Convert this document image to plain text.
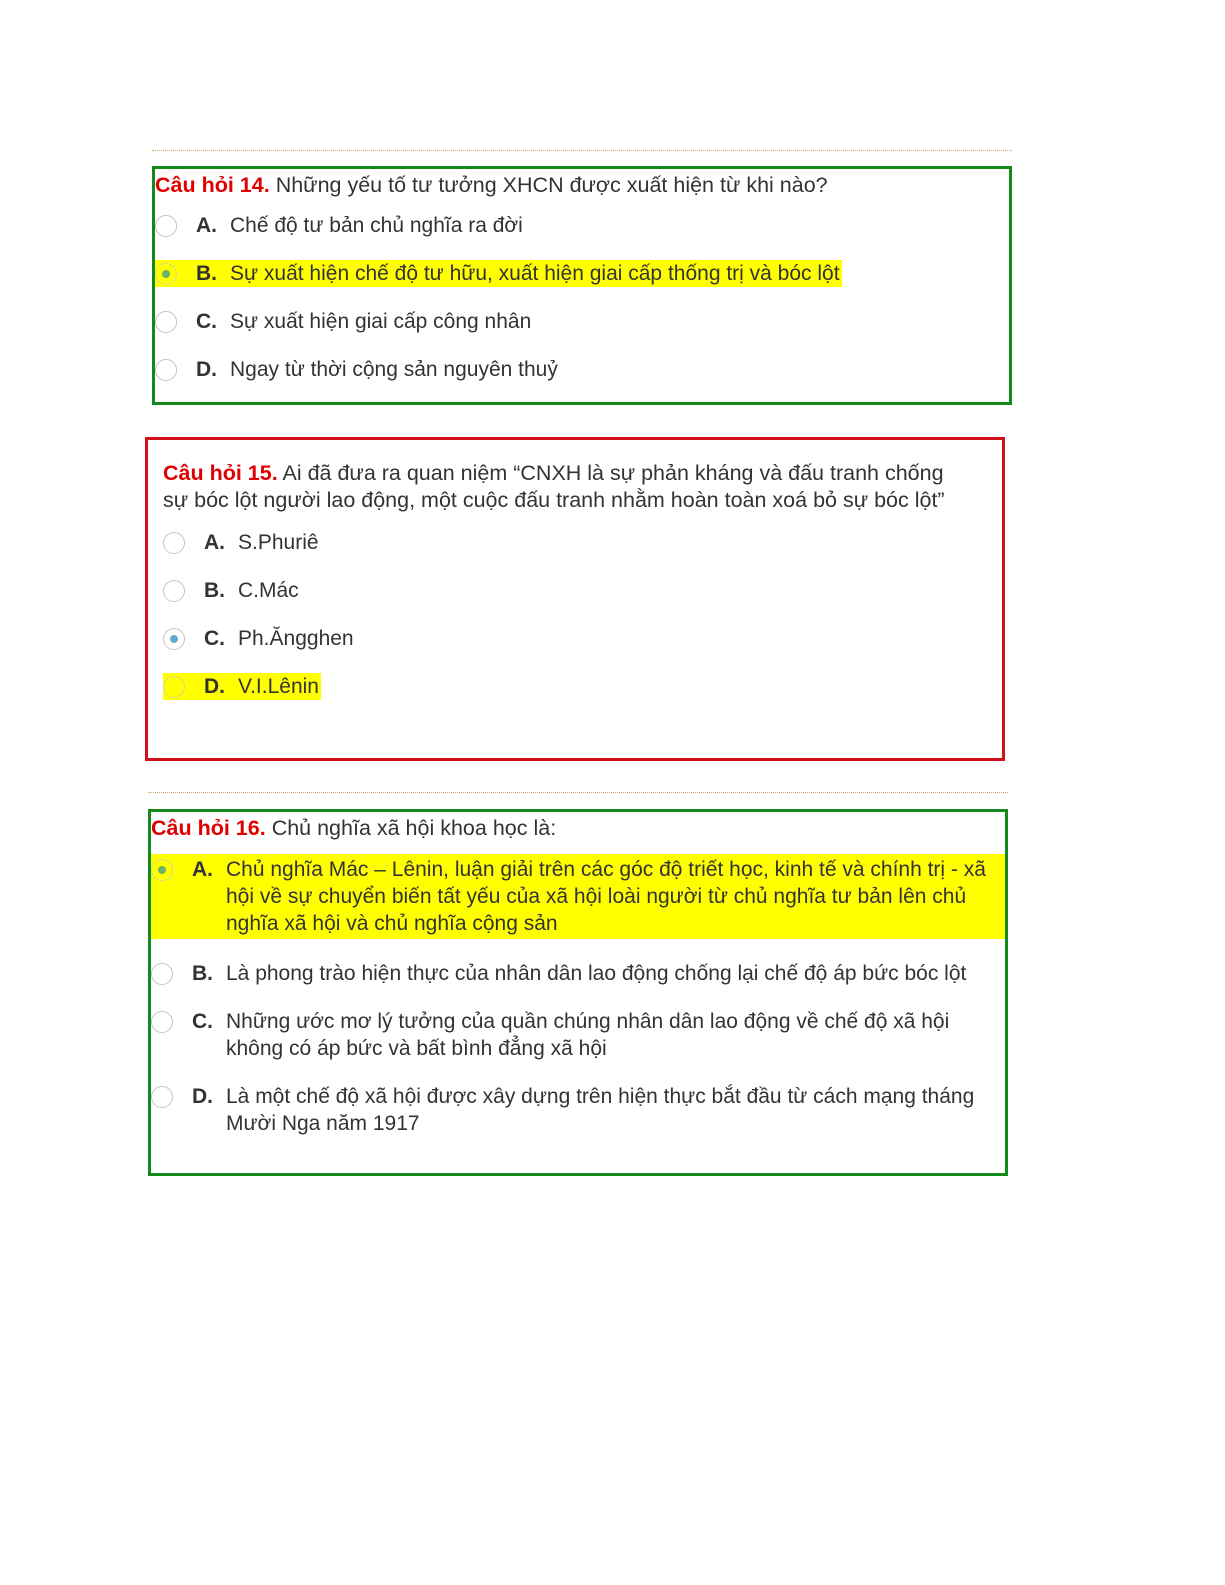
Câu hỏi 14. Những yếu tố tư tưởng XHCN được xuất hiện từ khi nào?

A. Chế độ tư bản chủ nghĩa ra đời
B. Sự xuất hiện chế độ tư hữu, xuất hiện giai cấp thống trị và bóc lột
C. Sự xuất hiện giai cấp công nhân
D. Ngay từ thời cộng sản nguyên thuỷ

Câu hỏi 15. Ai đã đưa ra quan niệm “CNXH là sự phản kháng và đấu tranh chống sự bóc lột người lao động, một cuộc đấu tranh nhằm hoàn toàn xoá bỏ sự bóc lột”

A. S.Phuriê
B. C.Mác
C. Ph.Ăngghen
D. V.I.Lênin

Câu hỏi 16. Chủ nghĩa xã hội khoa học là:

A. Chủ nghĩa Mác – Lênin, luận giải trên các góc độ triết học, kinh tế và chính trị - xã hội về sự chuyển biến tất yếu của xã hội loài người từ chủ nghĩa tư bản lên chủ nghĩa xã hội và chủ nghĩa cộng sản
B. Là phong trào hiện thực của nhân dân lao động chống lại chế độ áp bức bóc lột
C. Những ước mơ lý tưởng của quần chúng nhân dân lao động về chế độ xã hội không có áp bức và bất bình đẳng xã hội
D. Là một chế độ xã hội được xây dựng trên hiện thực bắt đầu từ cách mạng tháng Mười Nga năm 1917
